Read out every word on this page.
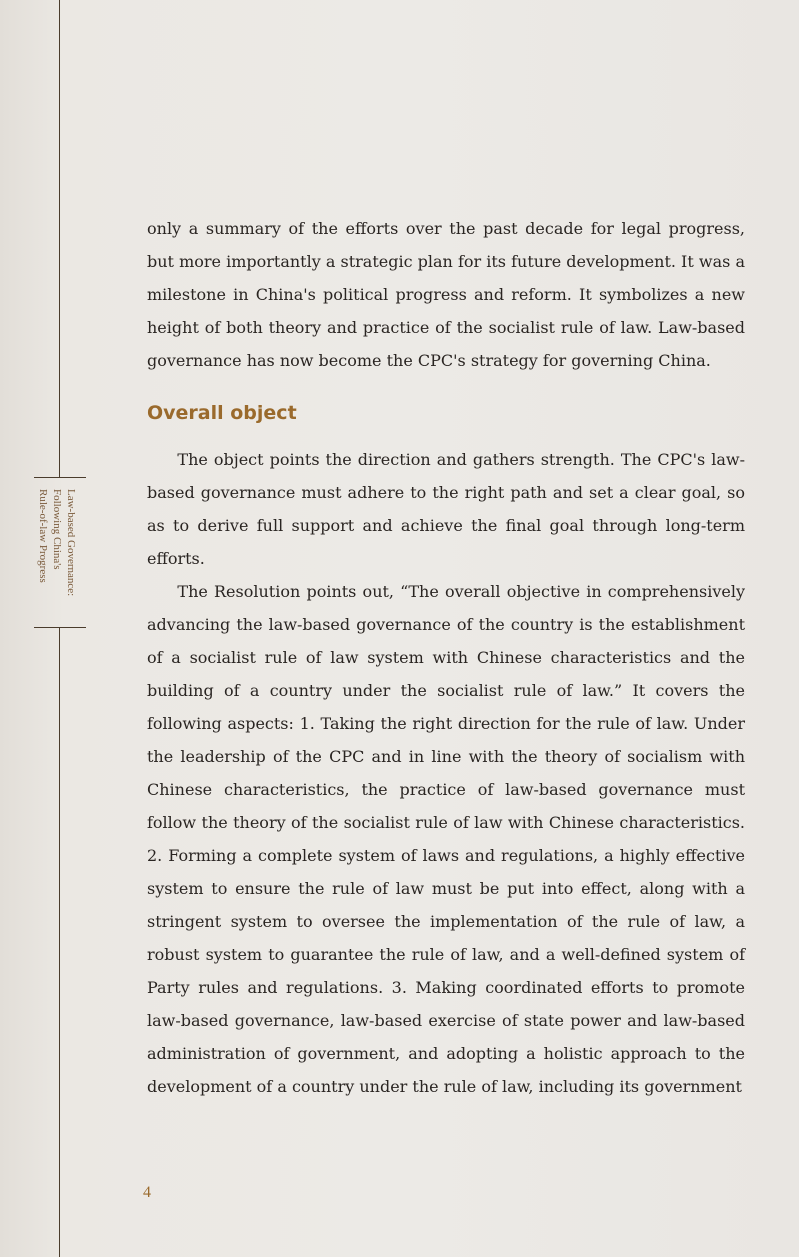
Law-based Governance:
Following China's
Rule-of-law Progress

only a summary of the efforts over the past decade for legal progress, but more importantly a strategic plan for its future development. It was a milestone in China's political progress and reform. It symbolizes a new height of both theory and practice of the socialist rule of law. Law-based governance has now become the CPC's strategy for governing China.

Overall object

The object points the direction and gathers strength. The CPC's law-based governance must adhere to the right path and set a clear goal, so as to derive full support and achieve the final goal through long-term efforts.

The Resolution points out, “The overall objective in comprehensively advancing the law-based governance of the country is the establishment of a socialist rule of law system with Chinese characteristics and the building of a country under the socialist rule of law.” It covers the following aspects: 1. Taking the right direction for the rule of law. Under the leadership of the CPC and in line with the theory of socialism with Chinese characteristics, the practice of law-based governance must follow the theory of the socialist rule of law with Chinese characteristics. 2. Forming a complete system of laws and regulations, a highly effective system to ensure the rule of law must be put into effect, along with a stringent system to oversee the implementation of the rule of law, a robust system to guarantee the rule of law, and a well-defined system of Party rules and regulations. 3. Making coordinated efforts to promote law-based governance, law-based exercise of state power and law-based administration of government, and adopting a holistic approach to the development of a country under the rule of law, including its government

4
